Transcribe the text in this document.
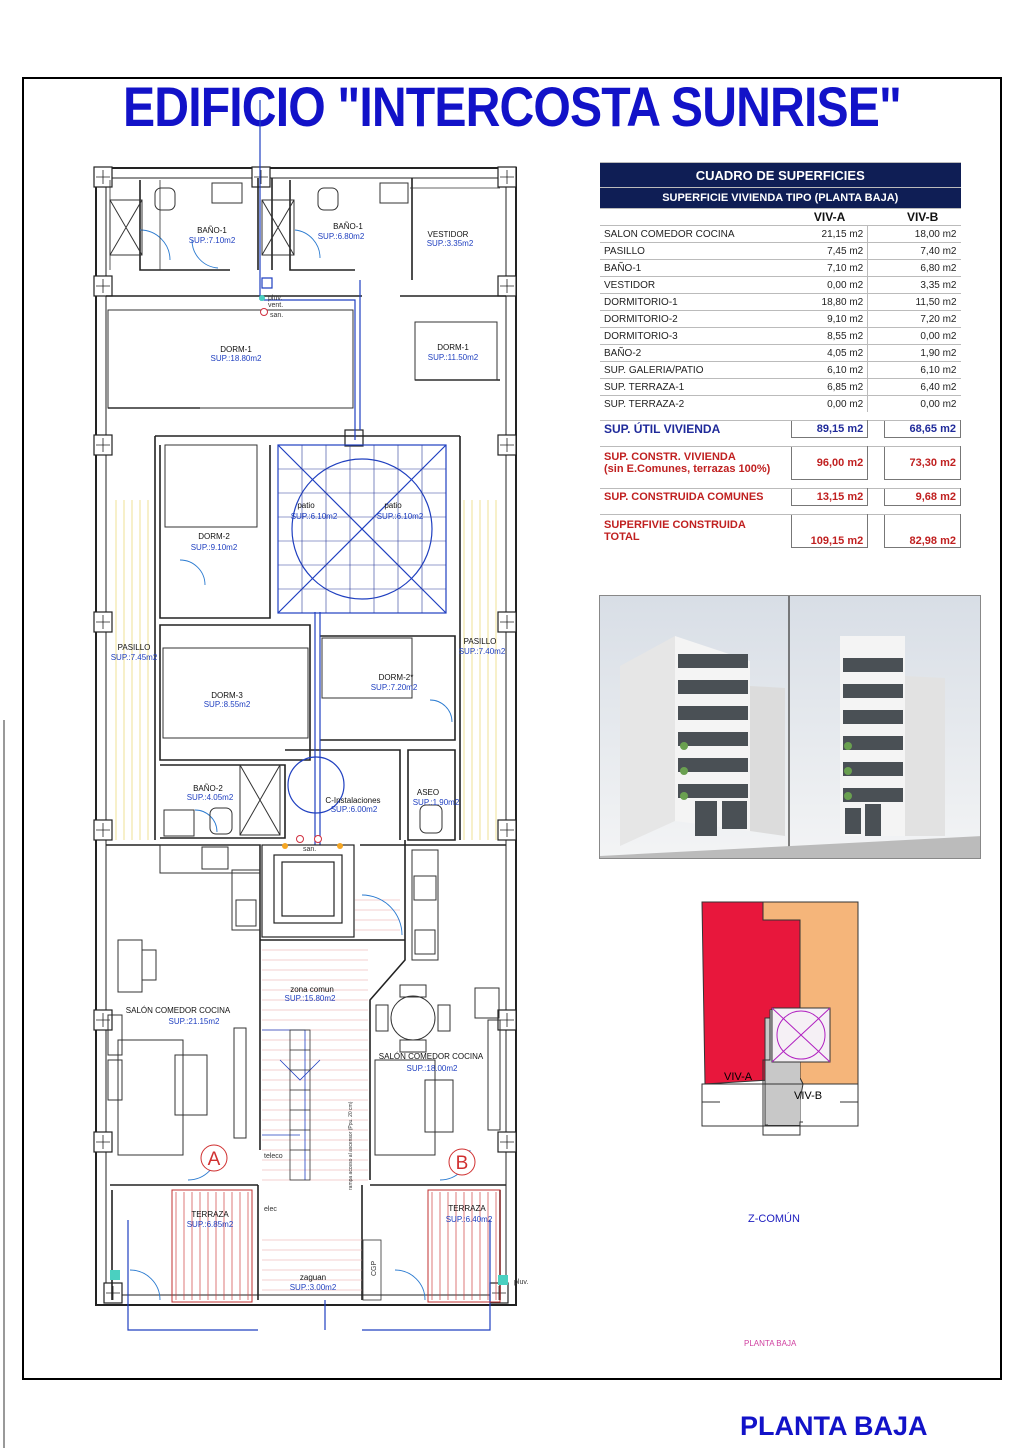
EDIFICIO "INTERCOSTA SUNRISE"
BAÑO-1	BAÑO-1
VESTIDOR
DORM-1	DORM-1
patio	patio
DORM-2
PASILLO
PASILLO
DORM-2*
DORM-3
BAÑO-2
C-Instalaciones
ASEO
zona comun
SALÓN COMEDOR COCINA
SALÓN COMEDOR COCINA
TERRAZA
TERRAZA
zaguan
SUP.:7.10m2	SUP.:6.80m2
SUP.:3.35m2
SUP.:18.80m2	SUP.:11.50m2
SUP.:6.10m2	SUP.:6.10m2
SUP.:9.10m2
SUP.:7.45m2
SUP.:7.40m2
SUP.:7.20m2
SUP.:8.55m2
SUP.:4.05m2
SUP.:6.00m2
SUP.:1.90m2
SUP.:15.80m2
SUP.:21.15m2
SUP.:18.00m2
SUP.:6.85m2
SUP.:6.40m2
SUP.:3.00m2
teleco
elec
pluv.
vent.
san.
san.
pluv.
CGP
rampa acceso al ascensor (Ppu. 20 cm)
A	B
CUADRO DE SUPERFICIES			
SUPERFICIE VIVIENDA TIPO (PLANTA BAJA)			
	VIV-A		VIV-B
SALON COMEDOR COCINA	21,15 m2		18,00 m2
PASILLO	7,45 m2		7,40 m2
BAÑO-1	7,10 m2		6,80 m2
VESTIDOR	0,00 m2		3,35 m2
DORMITORIO-1	18,80 m2		11,50 m2
DORMITORIO-2	9,10 m2		7,20 m2
DORMITORIO-3	8,55 m2		0,00 m2
BAÑO-2	4,05 m2		1,90 m2
SUP. GALERIA/PATIO	6,10 m2		6,10 m2
SUP. TERRAZA-1	6,85 m2		6,40 m2
SUP. TERRAZA-2	0,00 m2		0,00 m2

SUP. ÚTIL VIVIENDA	89,15 m2		68,65 m2

SUP. CONSTR. VIVIENDA
(sin E.Comunes, terrazas 100%)	96,00 m2		73,30 m2

SUP. CONSTRUIDA COMUNES	13,15 m2		9,68 m2

SUPERFIVIE CONSTRUIDA
TOTAL	109,15 m2		82,98 m2
VIV-A
VIV-B
Z-COMÚN
PLANTA BAJA
PLANTA BAJA
